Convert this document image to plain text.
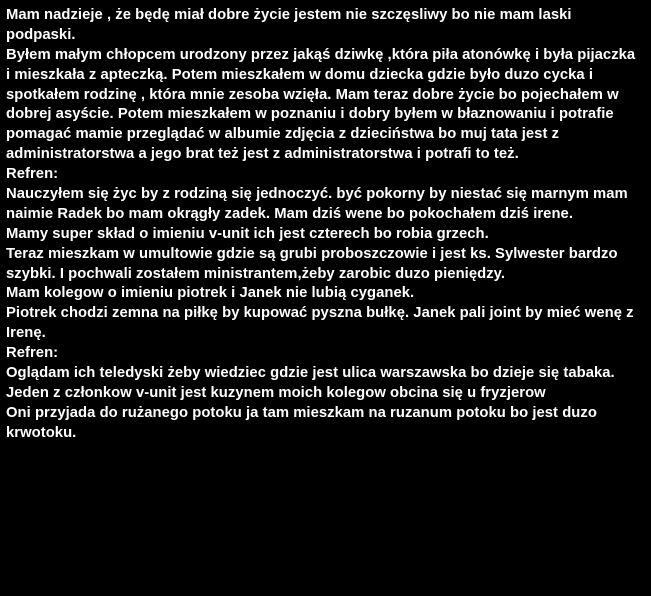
Mam nadzieje , że będę miał dobre życie jestem nie szczęsliwy bo nie mam laski podpaski.

Byłem małym chłopcem urodzony przez jakąś dziwkę ,która piła atonówkę i była pijaczka i mieszkała z apteczką. Potem mieszkałem w domu dziecka gdzie było duzo cycka i spotkałem rodzinę , która mnie zesoba wzięła. Mam teraz dobre życie bo pojechałem w dobrej asyście. Potem mieszkałem w poznaniu i dobry byłem w błaznowaniu i potrafie pomagać mamie przeglądać w albumie zdjęcia z dzieciństwa bo muj tata jest z administratorstwa a jego brat też jest z administratorstwa i potrafi to też.

Refren:

Nauczyłem się życ by z rodziną się jednoczyć. być pokorny by niestać się marnym mam naimie Radek bo mam okrągły zadek. Mam dziś wene bo pokochałem dziś irene.

Mamy super skład o imieniu v-unit ich jest czterech bo robia grzech.

Teraz mieszkam w umultowie gdzie są grubi proboszczowie i jest ks. Sylwester bardzo szybki. I pochwali zostałem ministrantem,żeby zarobic duzo pieniędzy.

Mam kolegow o imieniu piotrek i Janek nie lubią cyganek.

Piotrek chodzi zemna na piłkę by kupować pyszna bułkę. Janek pali joint by mieć wenę z Irenę.

Refren:

Oglądam ich teledyski żeby wiedziec gdzie jest ulica warszawska bo dzieje się tabaka. Jeden z członkow v-unit jest kuzynem moich kolegow obcina się u fryzjerow

Oni przyjada do rużanego potoku ja tam mieszkam na ruzanum potoku bo jest duzo krwotoku.
